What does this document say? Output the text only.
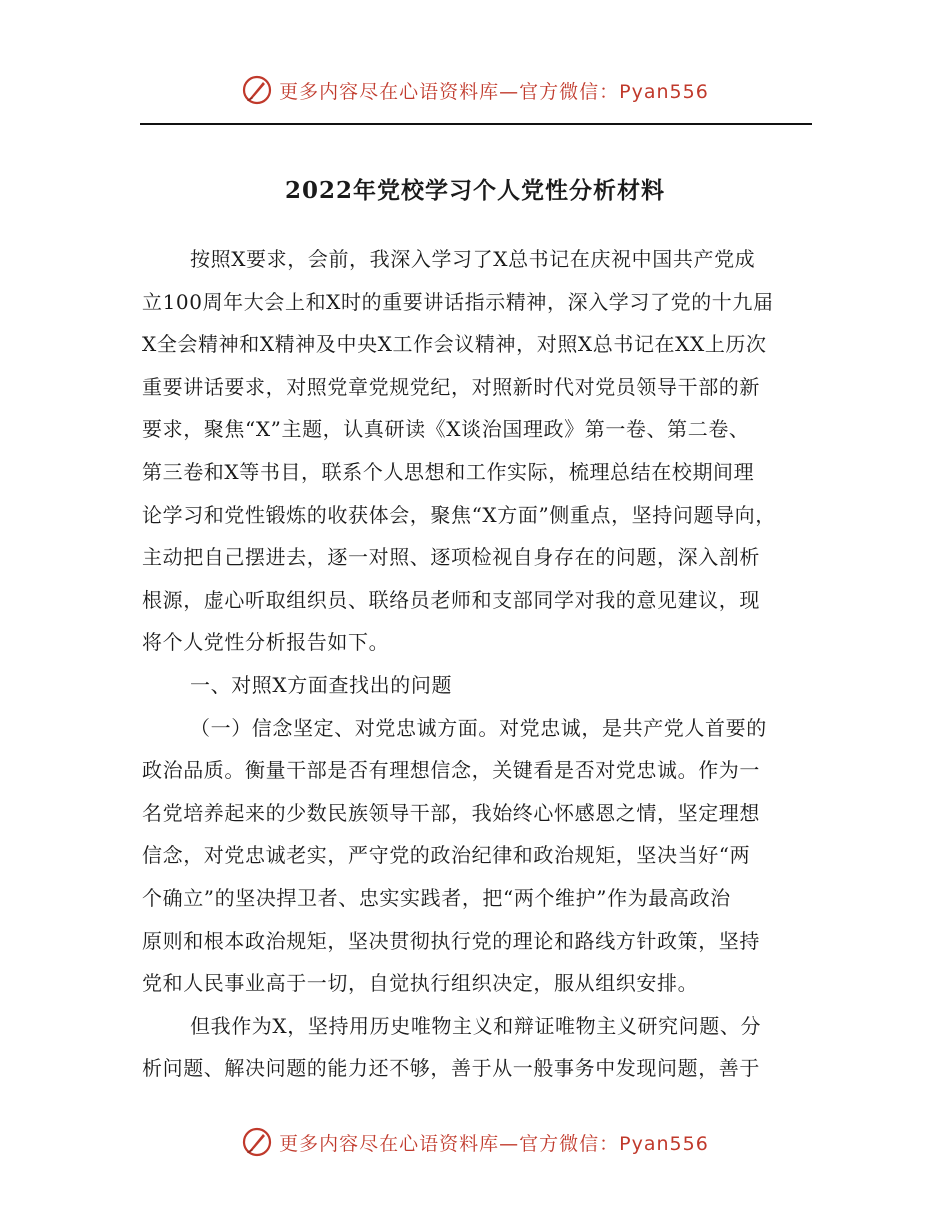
更多内容尽在心语资料库—官方微信：Pyan556
2022年党校学习个人党性分析材料
按照X要求，会前，我深入学习了X总书记在庆祝中国共产党成
立100周年大会上和X时的重要讲话指示精神，深入学习了党的十九届
X全会精神和X精神及中央X工作会议精神，对照X总书记在XX上历次
重要讲话要求，对照党章党规党纪，对照新时代对党员领导干部的新
要求，聚焦“X”主题，认真研读《X谈治国理政》第一卷、第二卷、
第三卷和X等书目，联系个人思想和工作实际，梳理总结在校期间理
论学习和党性锻炼的收获体会，聚焦“X方面”侧重点，坚持问题导向，
主动把自己摆进去，逐一对照、逐项检视自身存在的问题，深入剖析
根源，虚心听取组织员、联络员老师和支部同学对我的意见建议，现
将个人党性分析报告如下。
一、对照X方面查找出的问题
（一）信念坚定、对党忠诚方面。对党忠诚，是共产党人首要的
政治品质。衡量干部是否有理想信念，关键看是否对党忠诚。作为一
名党培养起来的少数民族领导干部，我始终心怀感恩之情，坚定理想
信念，对党忠诚老实，严守党的政治纪律和政治规矩，坚决当好“两
个确立”的坚决捍卫者、忠实实践者，把“两个维护”作为最高政治
原则和根本政治规矩，坚决贯彻执行党的理论和路线方针政策，坚持
党和人民事业高于一切，自觉执行组织决定，服从组织安排。
但我作为X，坚持用历史唯物主义和辩证唯物主义研究问题、分
析问题、解决问题的能力还不够，善于从一般事务中发现问题，善于
更多内容尽在心语资料库—官方微信：Pyan556
